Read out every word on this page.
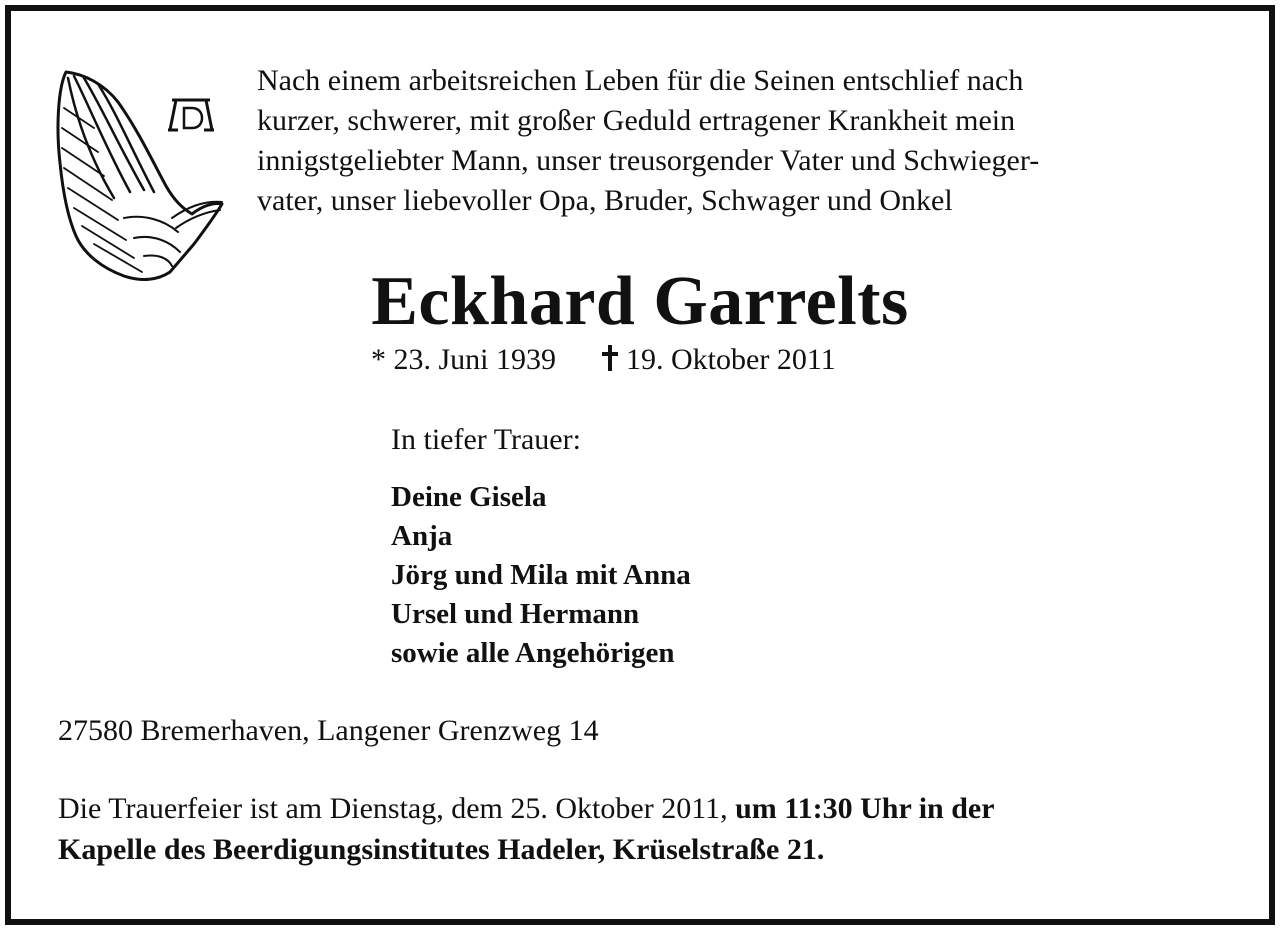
Nach einem arbeitsreichen Leben für die Seinen entschlief nach
kurzer, schwerer, mit großer Geduld ertragener Krankheit mein
innigstgeliebter Mann, unser treusorgender Vater und Schwieger-
vater, unser liebevoller Opa, Bruder, Schwager und Onkel
Eckhard Garrelts
* 23. Juni 1939 19. Oktober 2011
In tiefer Trauer:
Deine Gisela
Anja
Jörg und Mila mit Anna
Ursel und Hermann
sowie alle Angehörigen
27580 Bremerhaven, Langener Grenzweg 14
Die Trauerfeier ist am Dienstag, dem 25. Oktober 2011, um 11:30 Uhr in der
Kapelle des Beerdigungsinstitutes Hadeler, Krüselstraße 21.
